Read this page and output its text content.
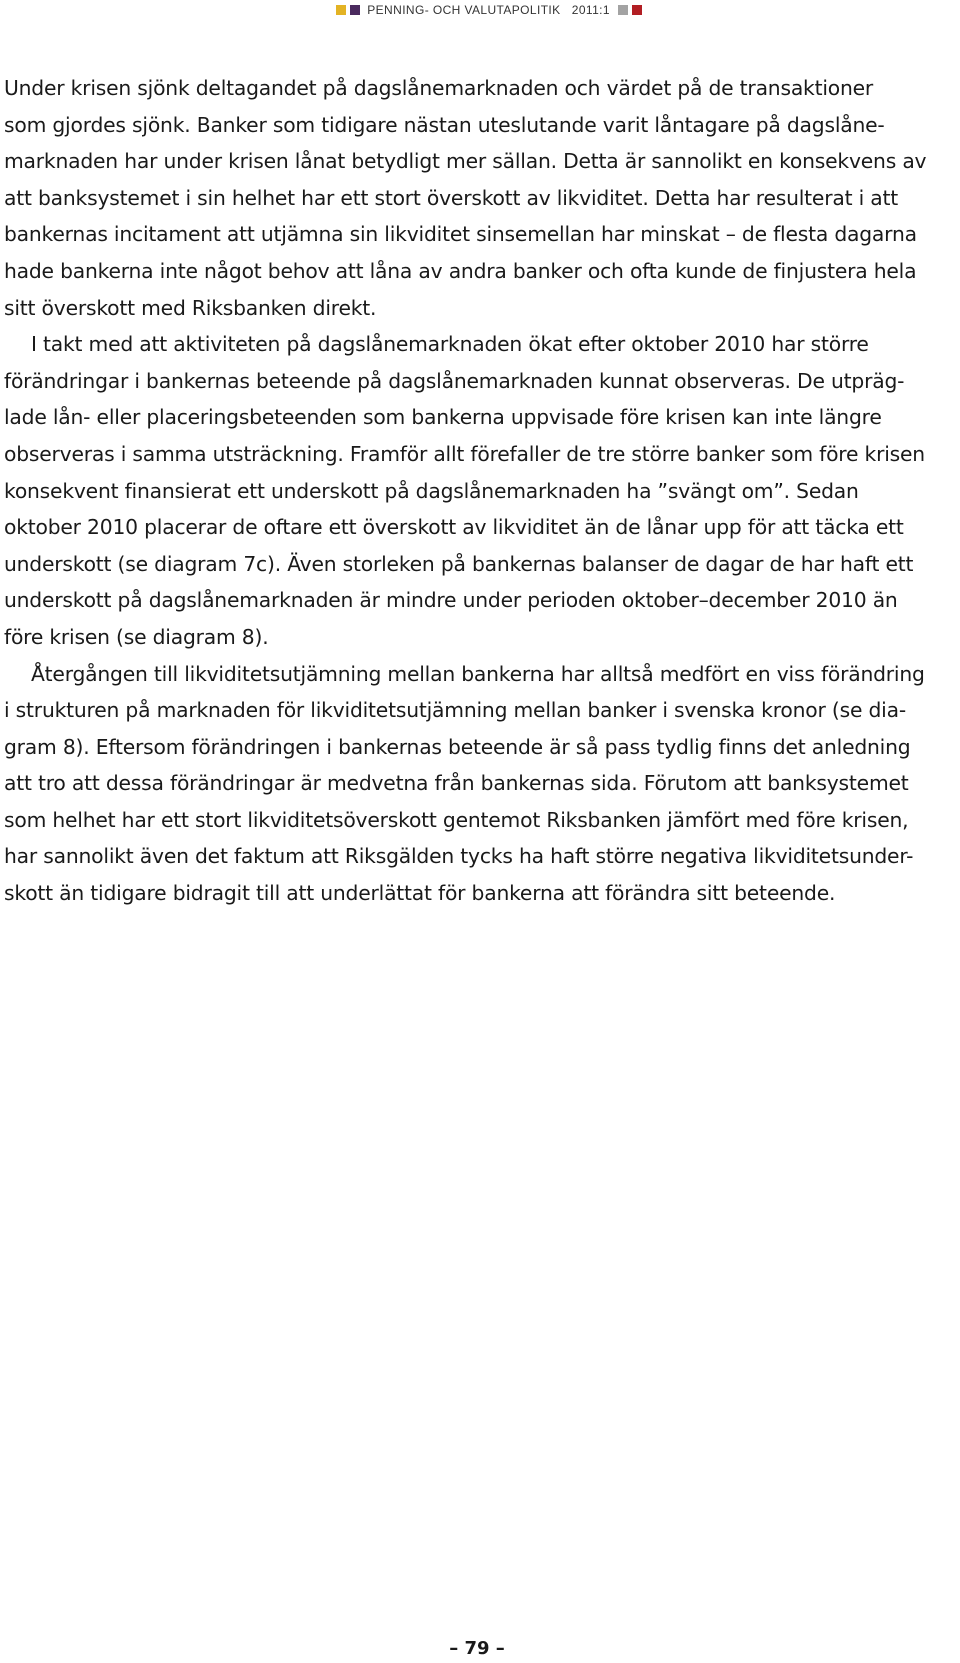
PENNING- OCH VALUTAPOLITIK 2011:1

Under krisen sjönk deltagandet på dagslånemarknaden och värdet på de transaktioner
som gjordes sjönk. Banker som tidigare nästan uteslutande varit låntagare på dagslåne-
marknaden har under krisen lånat betydligt mer sällan. Detta är sannolikt en konsekvens av
att banksystemet i sin helhet har ett stort överskott av likviditet. Detta har resulterat i att
bankernas incitament att utjämna sin likviditet sinsemellan har minskat – de flesta dagarna
hade bankerna inte något behov att låna av andra banker och ofta kunde de finjustera hela
sitt överskott med Riksbanken direkt.

I takt med att aktiviteten på dagslånemarknaden ökat efter oktober 2010 har större
förändringar i bankernas beteende på dagslånemarknaden kunnat observeras. De utpräg-
lade lån- eller placeringsbeteenden som bankerna uppvisade före krisen kan inte längre
observeras i samma utsträckning. Framför allt förefaller de tre större banker som före krisen
konsekvent finansierat ett underskott på dagslånemarknaden ha ”svängt om”. Sedan
oktober 2010 placerar de oftare ett överskott av likviditet än de lånar upp för att täcka ett
underskott (se diagram 7c). Även storleken på bankernas balanser de dagar de har haft ett
underskott på dagslånemarknaden är mindre under perioden oktober–december 2010 än
före krisen (se diagram 8).

Återgången till likviditetsutjämning mellan bankerna har alltså medfört en viss förändring
i strukturen på marknaden för likviditetsutjämning mellan banker i svenska kronor (se dia-
gram 8). Eftersom förändringen i bankernas beteende är så pass tydlig finns det anledning
att tro att dessa förändringar är medvetna från bankernas sida. Förutom att banksystemet
som helhet har ett stort likviditetsöverskott gentemot Riksbanken jämfört med före krisen,
har sannolikt även det faktum att Riksgälden tycks ha haft större negativa likviditetsunder-
skott än tidigare bidragit till att underlättat för bankerna att förändra sitt beteende.

– 79 –
